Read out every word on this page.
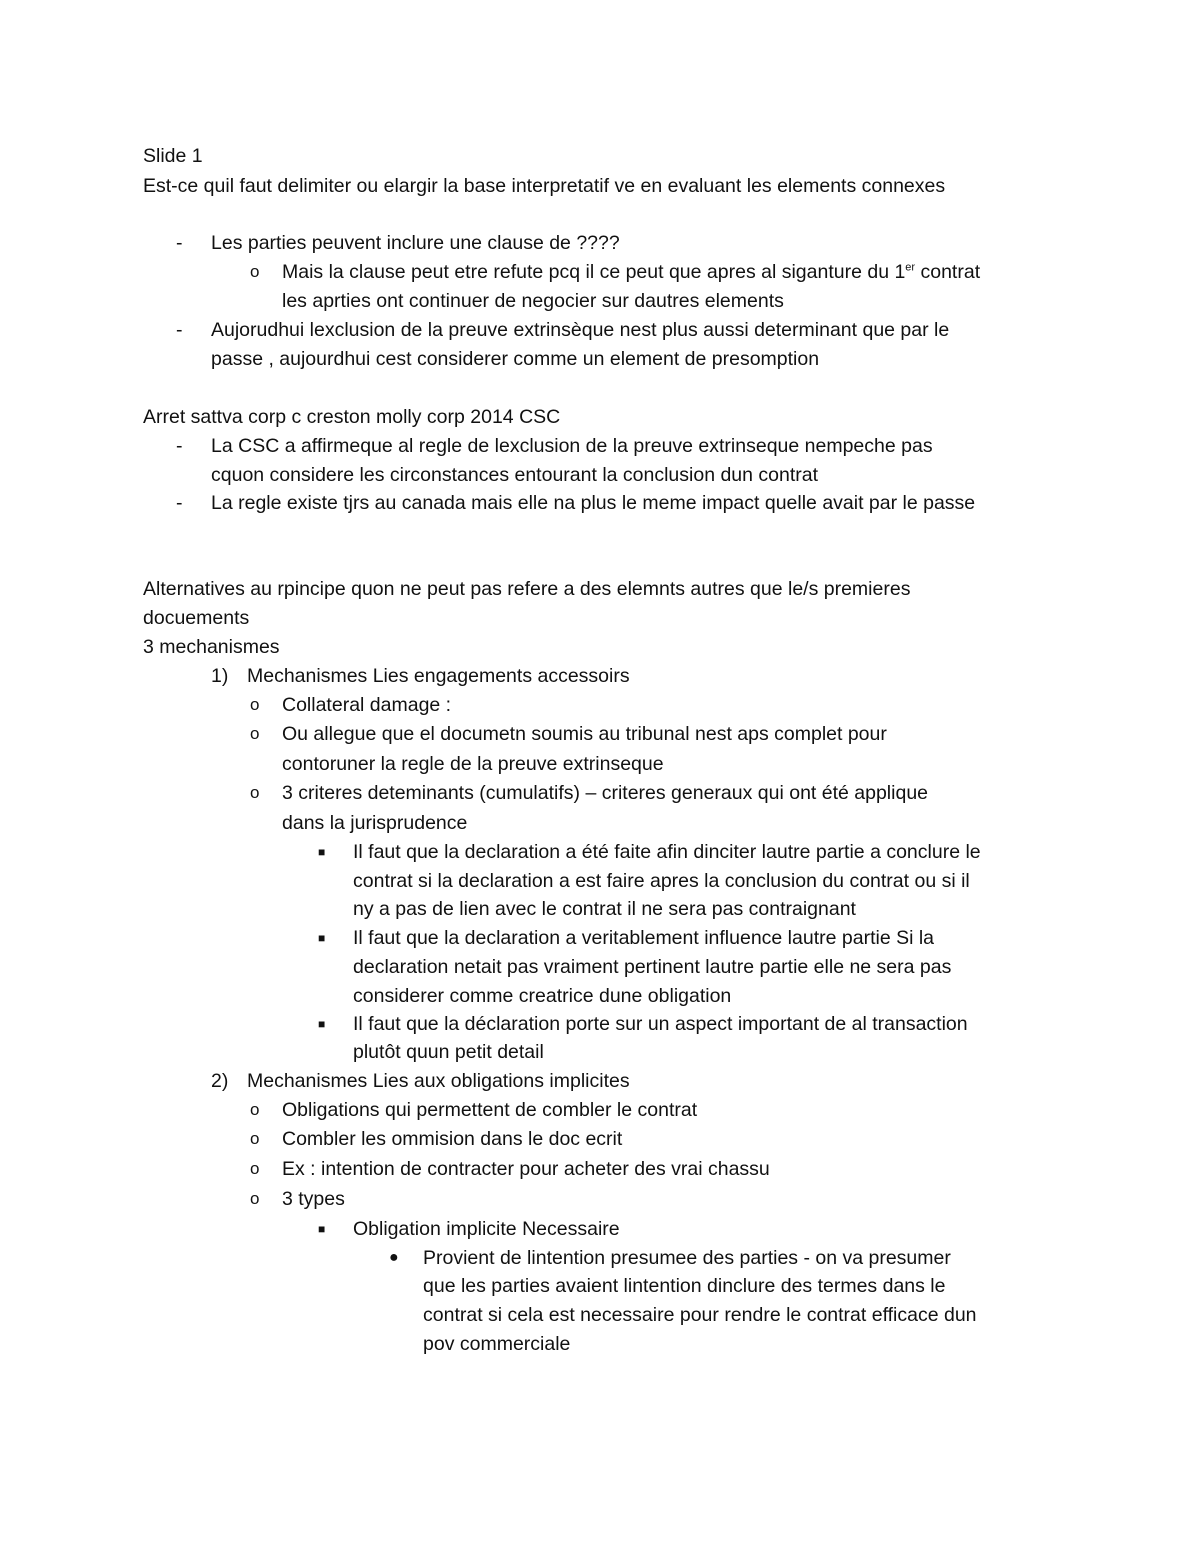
Slide 1

Est-ce quil faut delimiter ou elargir la base interpretatif ve en evaluant les elements connexes

- Les parties peuvent inclure une clause de ????

o Mais la clause peut etre refute pcq il ce peut que apres al siganture du 1er contrat

les aprties ont continuer de negocier sur dautres elements

- Aujorudhui lexclusion de la preuve extrinsèque nest plus aussi determinant que par le

passe , aujourdhui cest considerer comme un element de presomption

Arret sattva corp c creston molly corp 2014 CSC

- La CSC a affirmeque al regle de lexclusion de la preuve extrinseque nempeche pas

cquon considere les circonstances entourant la conclusion dun contrat

- La regle existe tjrs au canada mais elle na plus le meme impact quelle avait par le passe

Alternatives au rpincipe quon ne peut pas refere a des elemnts autres que le/s premieres

docuements

3 mechanismes

1) Mechanismes Lies engagements accessoirs

o Collateral damage :

o Ou allegue que el documetn soumis au tribunal nest aps complet pour

contoruner la regle de la preuve extrinseque

o 3 criteres deteminants (cumulatifs) – criteres generaux qui ont été applique

dans la jurisprudence

■ Il faut que la declaration a été faite afin dinciter lautre partie a conclure le

contrat si la declaration a est faire apres la conclusion du contrat ou si il

ny a pas de lien avec le contrat il ne sera pas contraignant

■ Il faut que la declaration a veritablement influence lautre partie Si la

declaration netait pas vraiment pertinent lautre partie elle ne sera pas

considerer comme creatrice dune obligation

■ Il faut que la déclaration porte sur un aspect important de al transaction

plutôt quun petit detail

2) Mechanismes Lies aux obligations implicites

o Obligations qui permettent de combler le contrat

o Combler les ommision dans le doc ecrit

o Ex : intention de contracter pour acheter des vrai chassu

o 3 types

■ Obligation implicite Necessaire

● Provient de lintention presumee des parties - on va presumer

que les parties avaient lintention dinclure des termes dans le

contrat si cela est necessaire pour rendre le contrat efficace dun

pov commerciale
